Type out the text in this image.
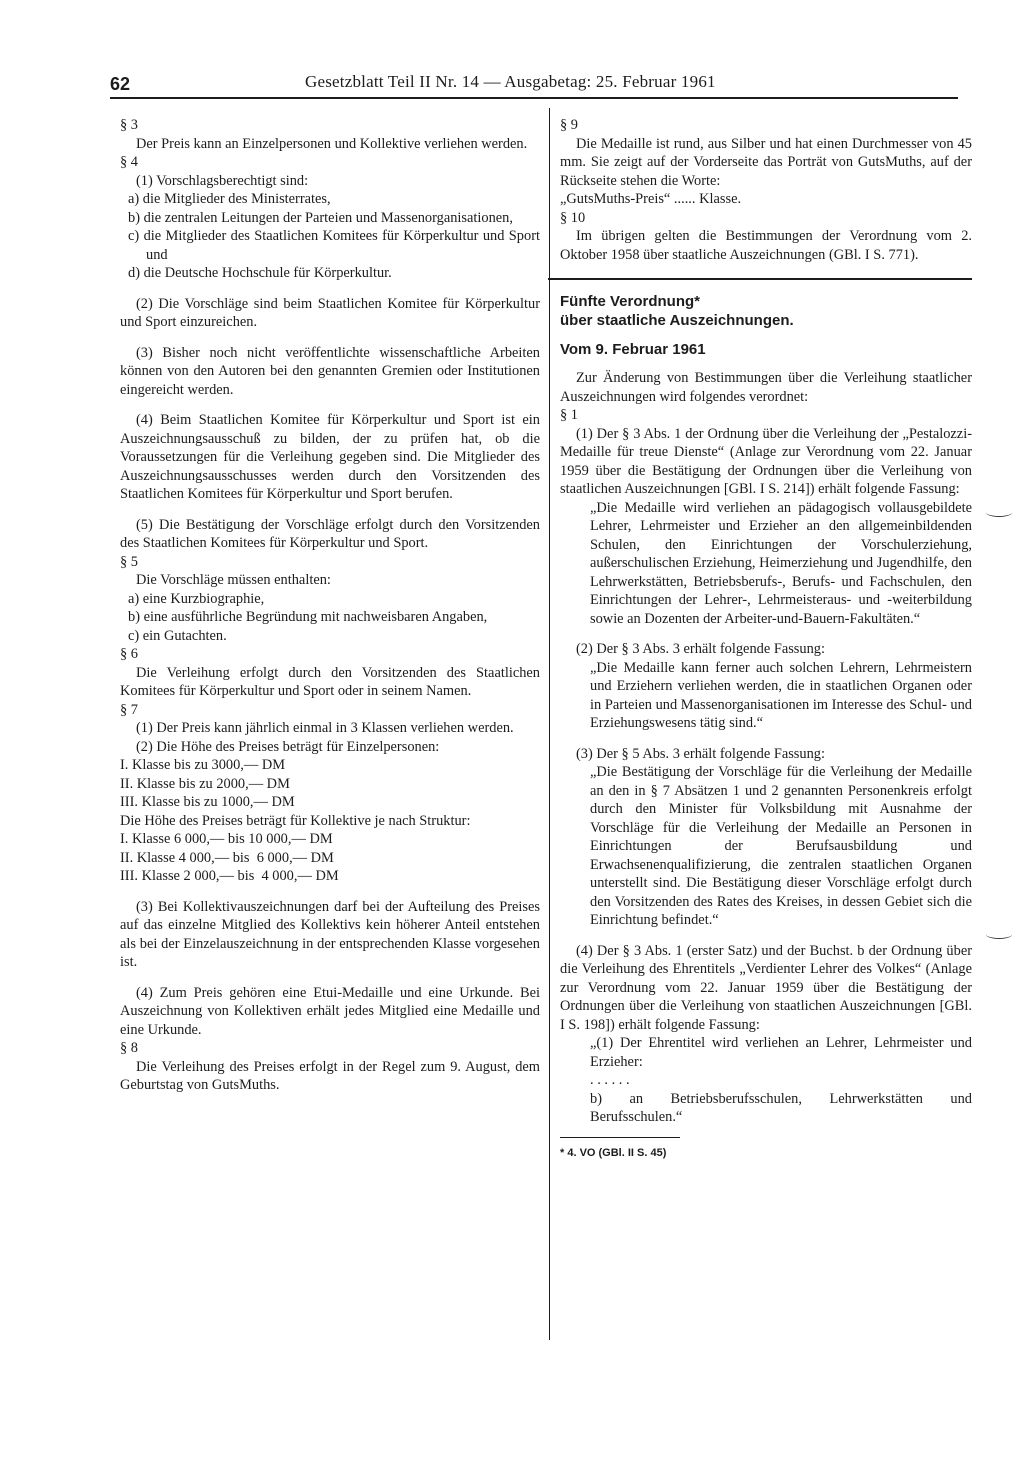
62	Gesetzblatt Teil II Nr. 14 — Ausgabetag: 25. Februar 1961

§ 3

Der Preis kann an Einzelpersonen und Kollektive verliehen werden.

§ 4

(1) Vorschlagsberechtigt sind:

a) die Mitglieder des Ministerrates,

b) die zentralen Leitungen der Parteien und Massenorganisationen,

c) die Mitglieder des Staatlichen Komitees für Körperkultur und Sport und

d) die Deutsche Hochschule für Körperkultur.

(2) Die Vorschläge sind beim Staatlichen Komitee für Körperkultur und Sport einzureichen.

(3) Bisher noch nicht veröffentlichte wissenschaftliche Arbeiten können von den Autoren bei den genannten Gremien oder Institutionen eingereicht werden.

(4) Beim Staatlichen Komitee für Körperkultur und Sport ist ein Auszeichnungsausschuß zu bilden, der zu prüfen hat, ob die Voraussetzungen für die Verleihung gegeben sind. Die Mitglieder des Auszeichnungsausschusses werden durch den Vorsitzenden des Staatlichen Komitees für Körperkultur und Sport berufen.

(5) Die Bestätigung der Vorschläge erfolgt durch den Vorsitzenden des Staatlichen Komitees für Körperkultur und Sport.

§ 5

Die Vorschläge müssen enthalten:

a) eine Kurzbiographie,

b) eine ausführliche Begründung mit nachweisbaren Angaben,

c) ein Gutachten.

§ 6

Die Verleihung erfolgt durch den Vorsitzenden des Staatlichen Komitees für Körperkultur und Sport oder in seinem Namen.

§ 7

(1) Der Preis kann jährlich einmal in 3 Klassen verliehen werden.

(2) Die Höhe des Preises beträgt für Einzelpersonen:

I. Klasse bis zu 3000,— DM

II. Klasse bis zu 2000,— DM

III. Klasse bis zu 1000,— DM

Die Höhe des Preises beträgt für Kollektive je nach Struktur:

I. Klasse 6 000,— bis 10 000,— DM

II. Klasse 4 000,— bis  6 000,— DM

III. Klasse 2 000,— bis  4 000,— DM

(3) Bei Kollektivauszeichnungen darf bei der Aufteilung des Preises auf das einzelne Mitglied des Kollektivs kein höherer Anteil entstehen als bei der Einzelauszeichnung in der entsprechenden Klasse vorgesehen ist.

(4) Zum Preis gehören eine Etui-Medaille und eine Urkunde. Bei Auszeichnung von Kollektiven erhält jedes Mitglied eine Medaille und eine Urkunde.

§ 8

Die Verleihung des Preises erfolgt in der Regel zum 9. August, dem Geburtstag von GutsMuths.

§ 9

Die Medaille ist rund, aus Silber und hat einen Durchmesser von 45 mm. Sie zeigt auf der Vorderseite das Porträt von GutsMuths, auf der Rückseite stehen die Worte:

„GutsMuths-Preis“ ...... Klasse.

§ 10

Im übrigen gelten die Bestimmungen der Verordnung vom 2. Oktober 1958 über staatliche Auszeichnungen (GBl. I S. 771).

Fünfte Verordnung*

über staatliche Auszeichnungen.

Vom 9. Februar 1961

Zur Änderung von Bestimmungen über die Verleihung staatlicher Auszeichnungen wird folgendes verordnet:

§ 1

(1) Der § 3 Abs. 1 der Ordnung über die Verleihung der „Pestalozzi-Medaille für treue Dienste“ (Anlage zur Verordnung vom 22. Januar 1959 über die Bestätigung der Ordnungen über die Verleihung von staatlichen Auszeichnungen [GBl. I S. 214]) erhält folgende Fassung:

„Die Medaille wird verliehen an pädagogisch vollausgebildete Lehrer, Lehrmeister und Erzieher an den allgemeinbildenden Schulen, den Einrichtungen der Vorschulerziehung, außerschulischen Erziehung, Heimerziehung und Jugendhilfe, den Lehrwerkstätten, Betriebsberufs-, Berufs- und Fachschulen, den Einrichtungen der Lehrer-, Lehrmeisteraus- und -weiterbildung sowie an Dozenten der Arbeiter-und-Bauern-Fakultäten.“

(2) Der § 3 Abs. 3 erhält folgende Fassung:

„Die Medaille kann ferner auch solchen Lehrern, Lehrmeistern und Erziehern verliehen werden, die in staatlichen Organen oder in Parteien und Massenorganisationen im Interesse des Schul- und Erziehungswesens tätig sind.“

(3) Der § 5 Abs. 3 erhält folgende Fassung:

„Die Bestätigung der Vorschläge für die Verleihung der Medaille an den in § 7 Absätzen 1 und 2 genannten Personenkreis erfolgt durch den Minister für Volksbildung mit Ausnahme der Vorschläge für die Verleihung der Medaille an Personen in Einrichtungen der Berufsausbildung und Erwachsenenqualifizierung, die zentralen staatlichen Organen unterstellt sind. Die Bestätigung dieser Vorschläge erfolgt durch den Vorsitzenden des Rates des Kreises, in dessen Gebiet sich die Einrichtung befindet.“

(4) Der § 3 Abs. 1 (erster Satz) und der Buchst. b der Ordnung über die Verleihung des Ehrentitels „Verdienter Lehrer des Volkes“ (Anlage zur Verordnung vom 22. Januar 1959 über die Bestätigung der Ordnungen über die Verleihung von staatlichen Auszeichnungen [GBl. I S. 198]) erhält folgende Fassung:

„(1) Der Ehrentitel wird verliehen an Lehrer, Lehrmeister und Erzieher:

. . . . . .

b) an Betriebsberufsschulen, Lehrwerkstätten und Berufsschulen.“

* 4. VO (GBl. II S. 45)
